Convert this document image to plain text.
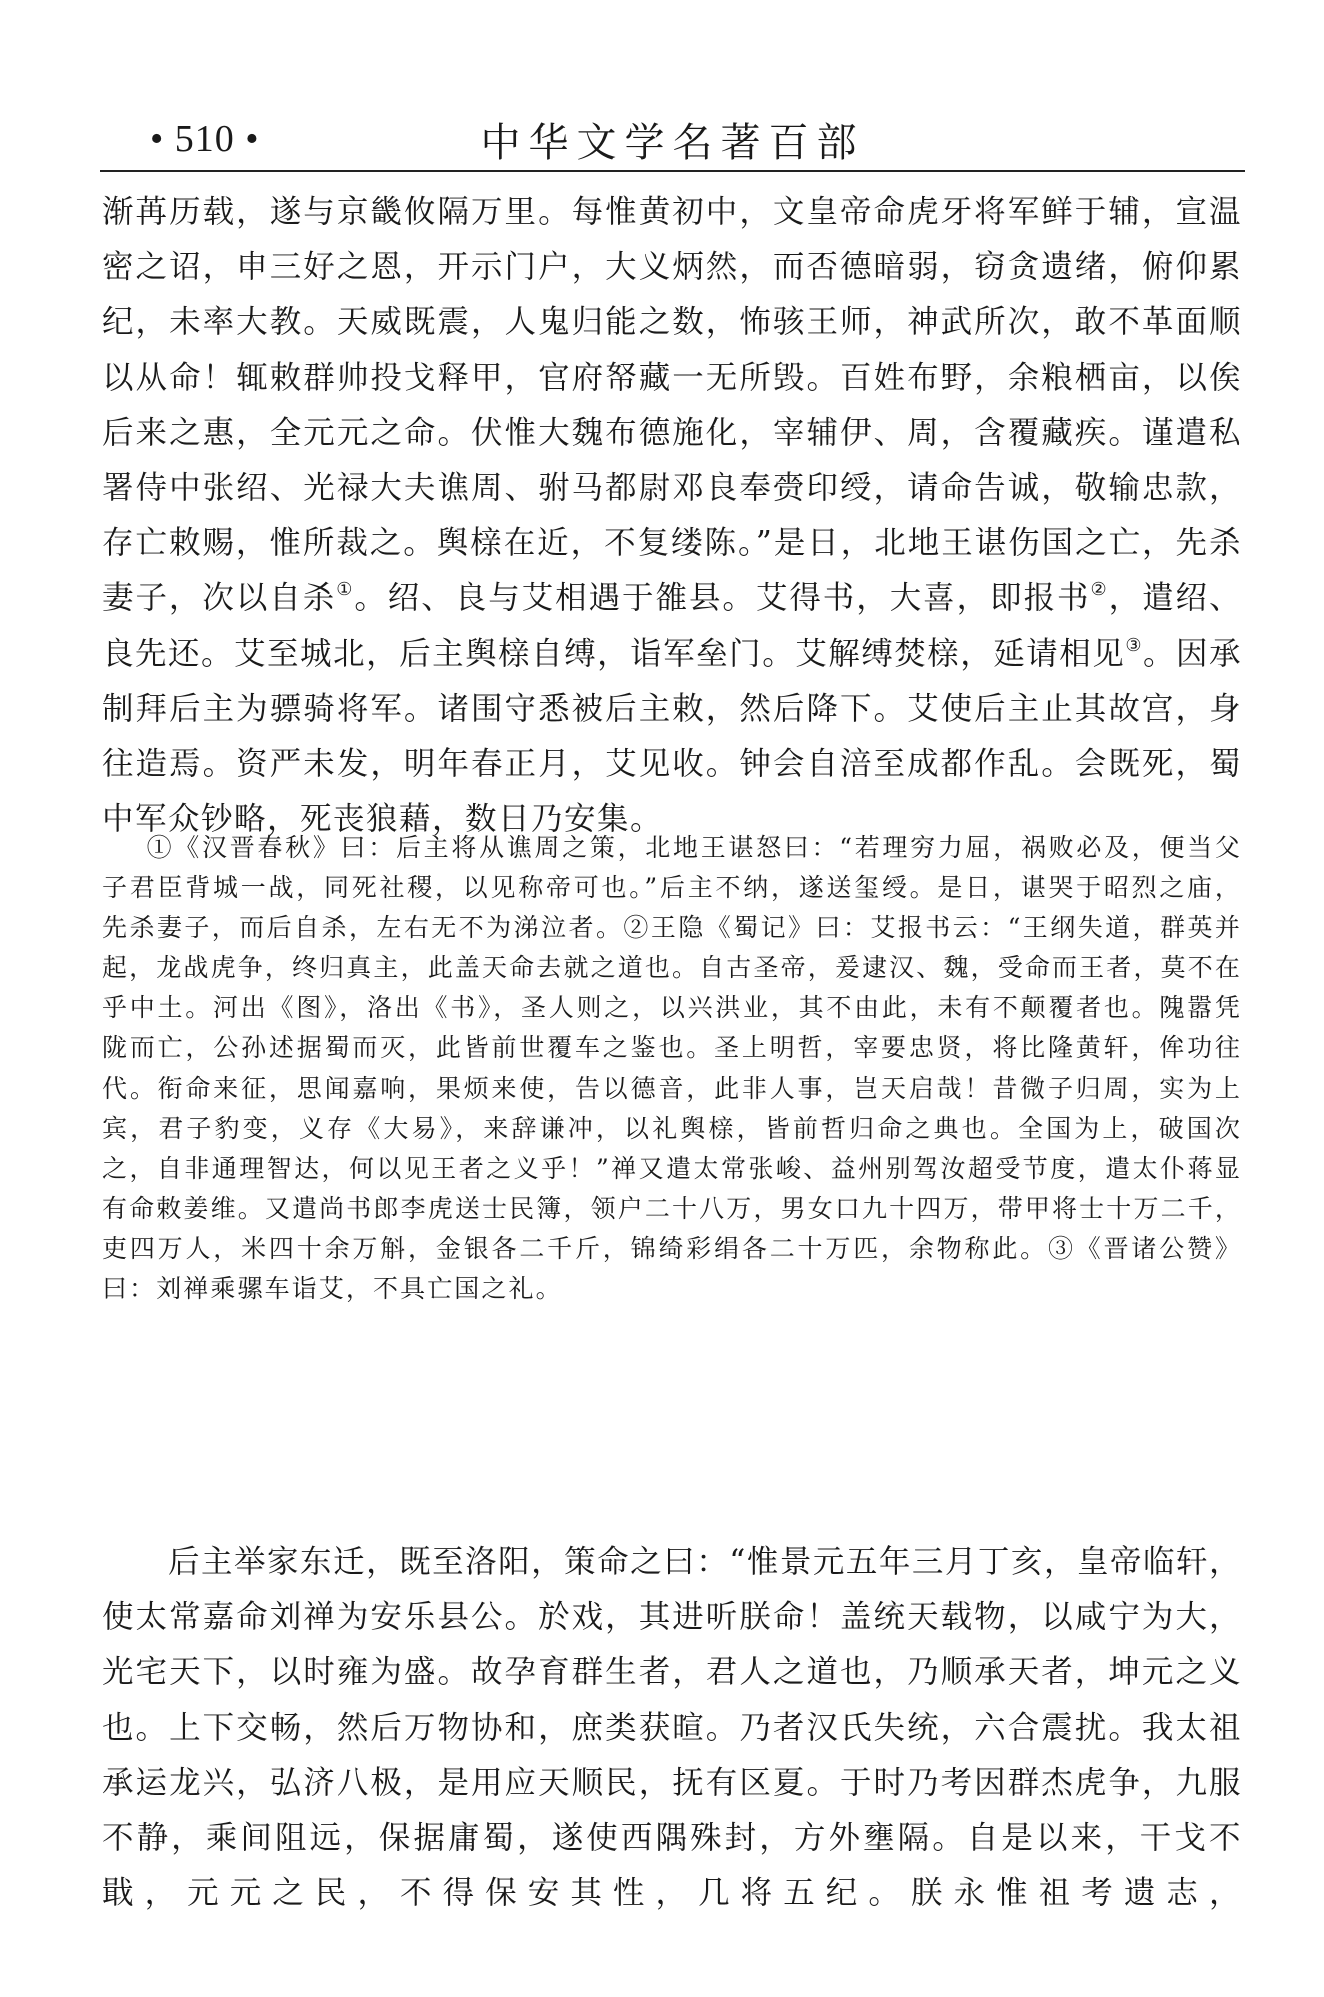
• 510 •	中华文学名著百部

渐苒历载，遂与京畿攸隔万里。每惟黄初中，文皇帝命虎牙将军鲜于辅，宣温密之诏，申三好之恩，开示门户，大义炳然，而否德暗弱，窃贪遗绪，俯仰累纪，未率大教。天威既震，人鬼归能之数，怖骇王师，神武所次，敢不革面顺以从命！辄敕群帅投戈释甲，官府帑藏一无所毁。百姓布野，余粮栖亩，以俟后来之惠，全元元之命。伏惟大魏布德施化，宰辅伊、周，含覆藏疾。谨遣私署侍中张绍、光禄大夫谯周、驸马都尉邓良奉赍印绶，请命告诚，敬输忠款，存亡敕赐，惟所裁之。舆榇在近，不复缕陈。”是日，北地王谌伤国之亡，先杀妻子，次以自杀①。绍、良与艾相遇于雒县。艾得书，大喜，即报书②，遣绍、良先还。艾至城北，后主舆榇自缚，诣军垒门。艾解缚焚榇，延请相见③。因承制拜后主为骠骑将军。诸围守悉被后主敕，然后降下。艾使后主止其故宫，身往造焉。资严未发，明年春正月，艾见收。钟会自涪至成都作乱。会既死，蜀中军众钞略，死丧狼藉，数日乃安集。

①《汉晋春秋》曰：后主将从谯周之策，北地王谌怒曰：“若理穷力屈，祸败必及，便当父子君臣背城一战，同死社稷，以见称帝可也。”后主不纳，遂送玺绶。是日，谌哭于昭烈之庙，先杀妻子，而后自杀，左右无不为涕泣者。②王隐《蜀记》曰：艾报书云：“王纲失道，群英并起，龙战虎争，终归真主，此盖天命去就之道也。自古圣帝，爰逮汉、魏，受命而王者，莫不在乎中土。河出《图》，洛出《书》，圣人则之，以兴洪业，其不由此，未有不颠覆者也。隗嚣凭陇而亡，公孙述据蜀而灭，此皆前世覆车之鉴也。圣上明哲，宰要忠贤，将比隆黄轩，侔功往代。衔命来征，思闻嘉响，果烦来使，告以德音，此非人事，岂天启哉！昔微子归周，实为上宾，君子豹变，义存《大易》，来辞谦冲，以礼舆榇，皆前哲归命之典也。全国为上，破国次之，自非通理智达，何以见王者之义乎！”禅又遣太常张峻、益州别驾汝超受节度，遣太仆蒋显有命敕姜维。又遣尚书郎李虎送士民簿，领户二十八万，男女口九十四万，带甲将士十万二千，吏四万人，米四十余万斛，金银各二千斤，锦绮彩绢各二十万匹，余物称此。③《晋诸公赞》曰：刘禅乘骡车诣艾，不具亡国之礼。

后主举家东迁，既至洛阳，策命之曰：“惟景元五年三月丁亥，皇帝临轩，使太常嘉命刘禅为安乐县公。於戏，其进听朕命！盖统天载物，以咸宁为大，光宅天下，以时雍为盛。故孕育群生者，君人之道也，乃顺承天者，坤元之义也。上下交畅，然后万物协和，庶类获暄。乃者汉氏失统，六合震扰。我太祖承运龙兴，弘济八极，是用应天顺民，抚有区夏。于时乃考因群杰虎争，九服不静，乘间阻远，保据庸蜀，遂使西隅殊封，方外壅隔。自是以来，干戈不戢，元元之民，不得保安其性，几将五纪。朕永惟祖考遗志，
